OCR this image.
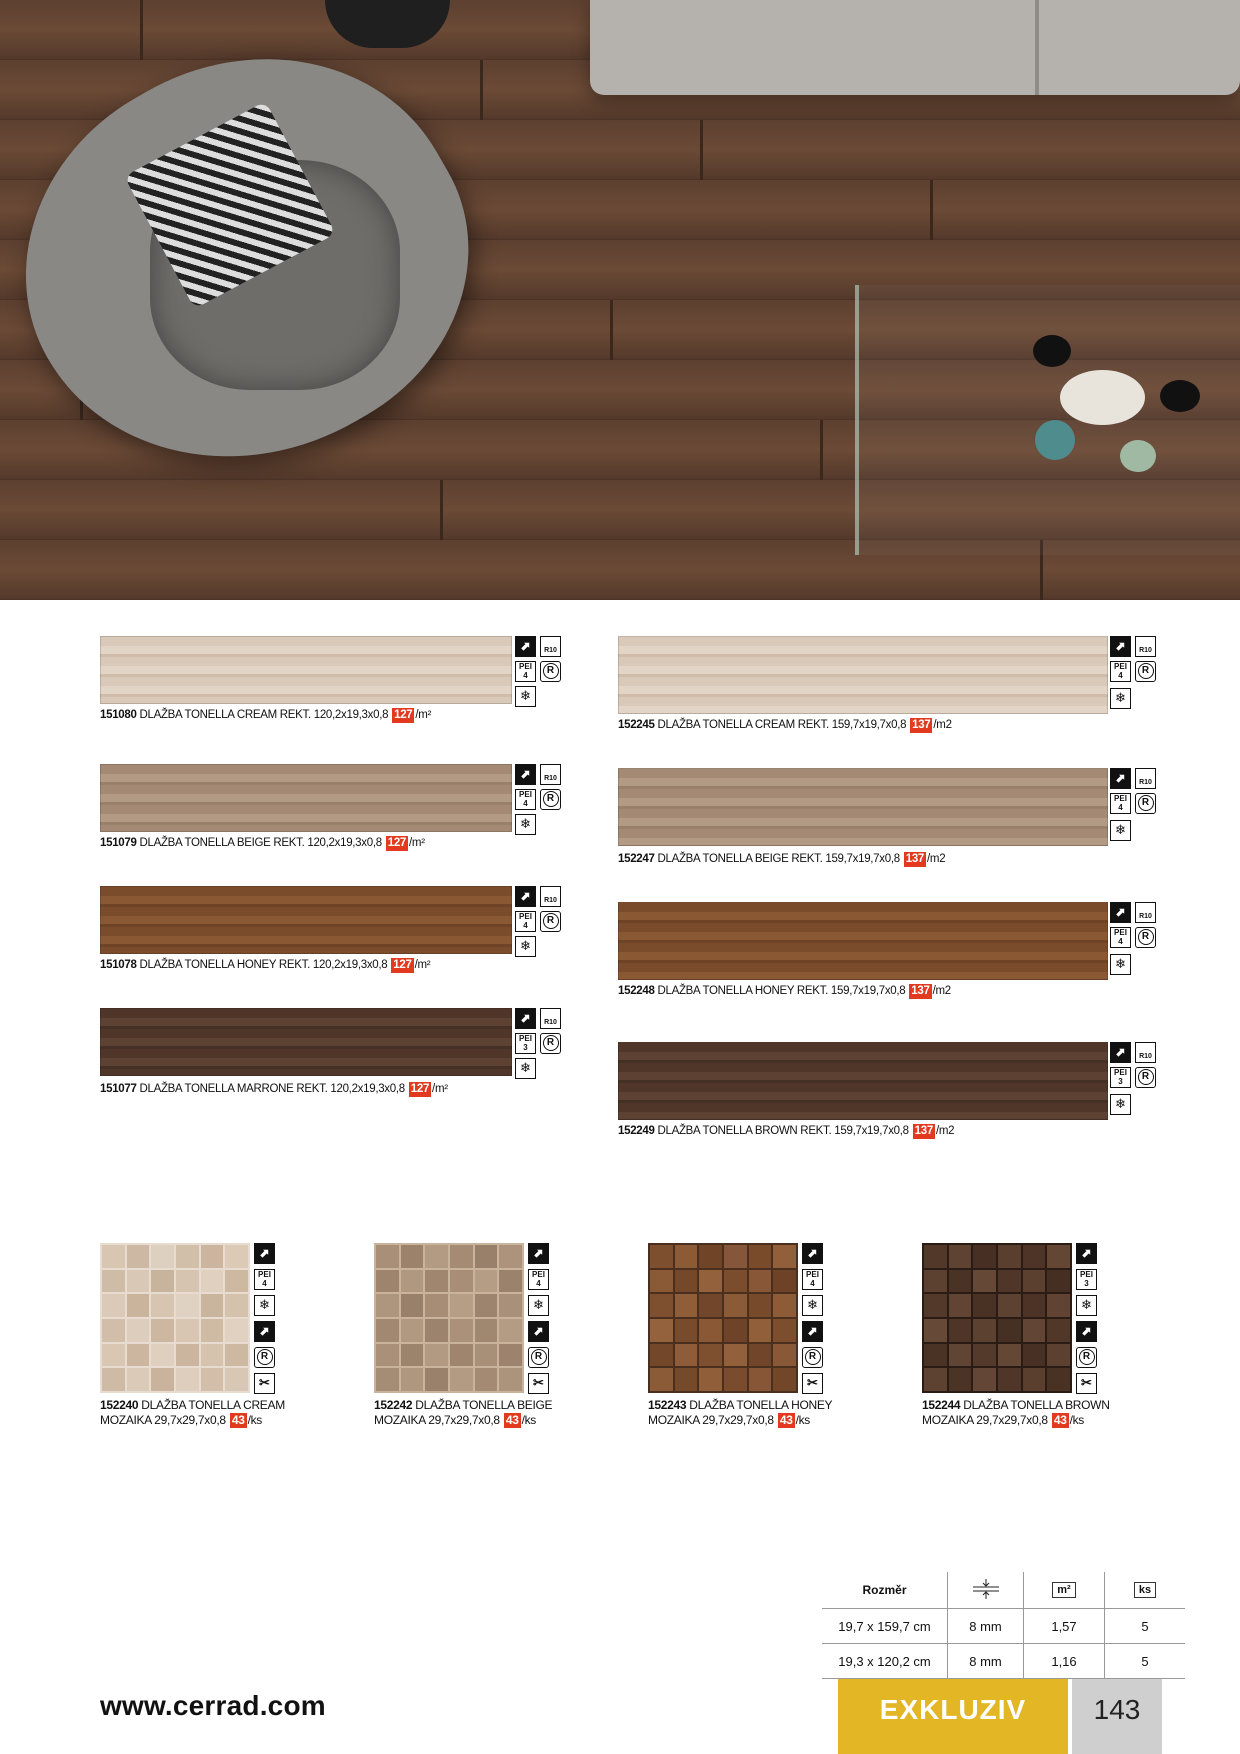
⬈	R10
PEI
4	R
❄
151080 DLAŽBA TONELLA CREAM REKT. 120,2x19,3x0,8 127 /m²
⬈	R10
PEI
4	R
❄
151079 DLAŽBA TONELLA BEIGE REKT. 120,2x19,3x0,8 127 /m²
⬈	R10
PEI
4	R
❄
151078 DLAŽBA TONELLA HONEY REKT. 120,2x19,3x0,8 127 /m²
⬈	R10
PEI
3	R
❄
151077 DLAŽBA TONELLA MARRONE REKT. 120,2x19,3x0,8 127 /m²
⬈	R10
PEI
4	R
❄
152245 DLAŽBA TONELLA CREAM REKT. 159,7x19,7x0,8 137 /m2
⬈	R10
PEI
4	R
❄
152247 DLAŽBA TONELLA BEIGE REKT. 159,7x19,7x0,8 137 /m2
⬈	R10
PEI
4	R
❄
152248 DLAŽBA TONELLA HONEY REKT. 159,7x19,7x0,8 137 /m2
⬈	R10
PEI
3	R
❄
152249 DLAŽBA TONELLA BROWN REKT. 159,7x19,7x0,8 137 /m2
⬈
PEI
4
❄
⬈
R
✂
⬈
PEI
4
❄
⬈
R
✂
⬈
PEI
4
❄
⬈
R
✂
⬈
PEI
3
❄
⬈
R
✂
152240 DLAŽBA TONELLA CREAM
MOZAIKA 29,7x29,7x0,8 43 /ks
152242 DLAŽBA TONELLA BEIGE
MOZAIKA 29,7x29,7x0,8 43 /ks
152243 DLAŽBA TONELLA HONEY
MOZAIKA 29,7x29,7x0,8 43 /ks
152244 DLAŽBA TONELLA BROWN
MOZAIKA 29,7x29,7x0,8 43 /ks
Rozměr		m²	ks
19,7 x 159,7 cm	8 mm	1,57	5
19,3 x 120,2 cm	8 mm	1,16	5
www.cerrad.com	EXKLUZIV	143
